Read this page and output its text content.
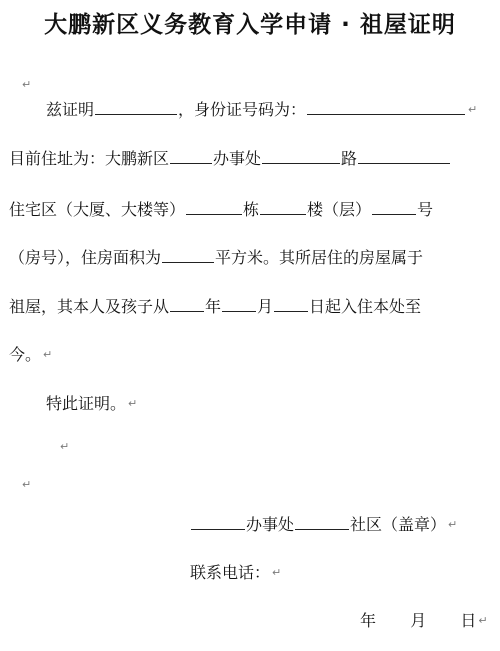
大鹏新区义务教育入学申请 · 祖屋证明
↵
兹证明	，身份证号码为：	↵
目前住址为：大鹏新区	办事处	路
住宅区（大厦、大楼等）	栋	楼（层）	号
（房号），住房面积为	平方米。其所居住的房屋属于
祖屋，其本人及孩子从 年 月 日起入住本处至
今。 ↵
特此证明。 ↵
↵
↵
办事处	社区（盖章） ↵
联系电话： ↵
年 月 日 ↵
